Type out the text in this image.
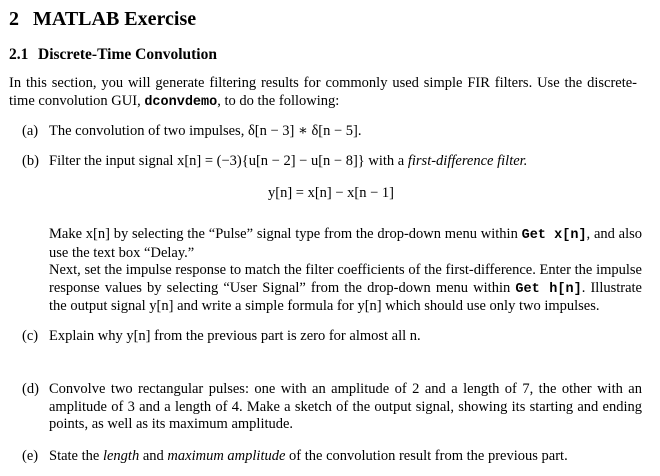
2 MATLAB Exercise
2.1 Discrete-Time Convolution
In this section, you will generate filtering results for commonly used simple FIR filters. Use the discrete-time convolution GUI, dconvdemo, to do the following:
(a) The convolution of two impulses, δ[n − 3] ∗ δ[n − 5].
(b) Filter the input signal x[n] = (−3){u[n − 2] − u[n − 8]} with a first-difference filter.
y[n] = x[n] − x[n − 1]
Make x[n] by selecting the “Pulse” signal type from the drop-down menu within Get x[n], and also use the text box “Delay.”
Next, set the impulse response to match the filter coefficients of the first-difference. Enter the impulse response values by selecting “User Signal” from the drop-down menu within Get h[n]. Illustrate the output signal y[n] and write a simple formula for y[n] which should use only two impulses.
(c) Explain why y[n] from the previous part is zero for almost all n.
(d) Convolve two rectangular pulses: one with an amplitude of 2 and a length of 7, the other with an amplitude of 3 and a length of 4. Make a sketch of the output signal, showing its starting and ending points, as well as its maximum amplitude.
(e) State the length and maximum amplitude of the convolution result from the previous part.
